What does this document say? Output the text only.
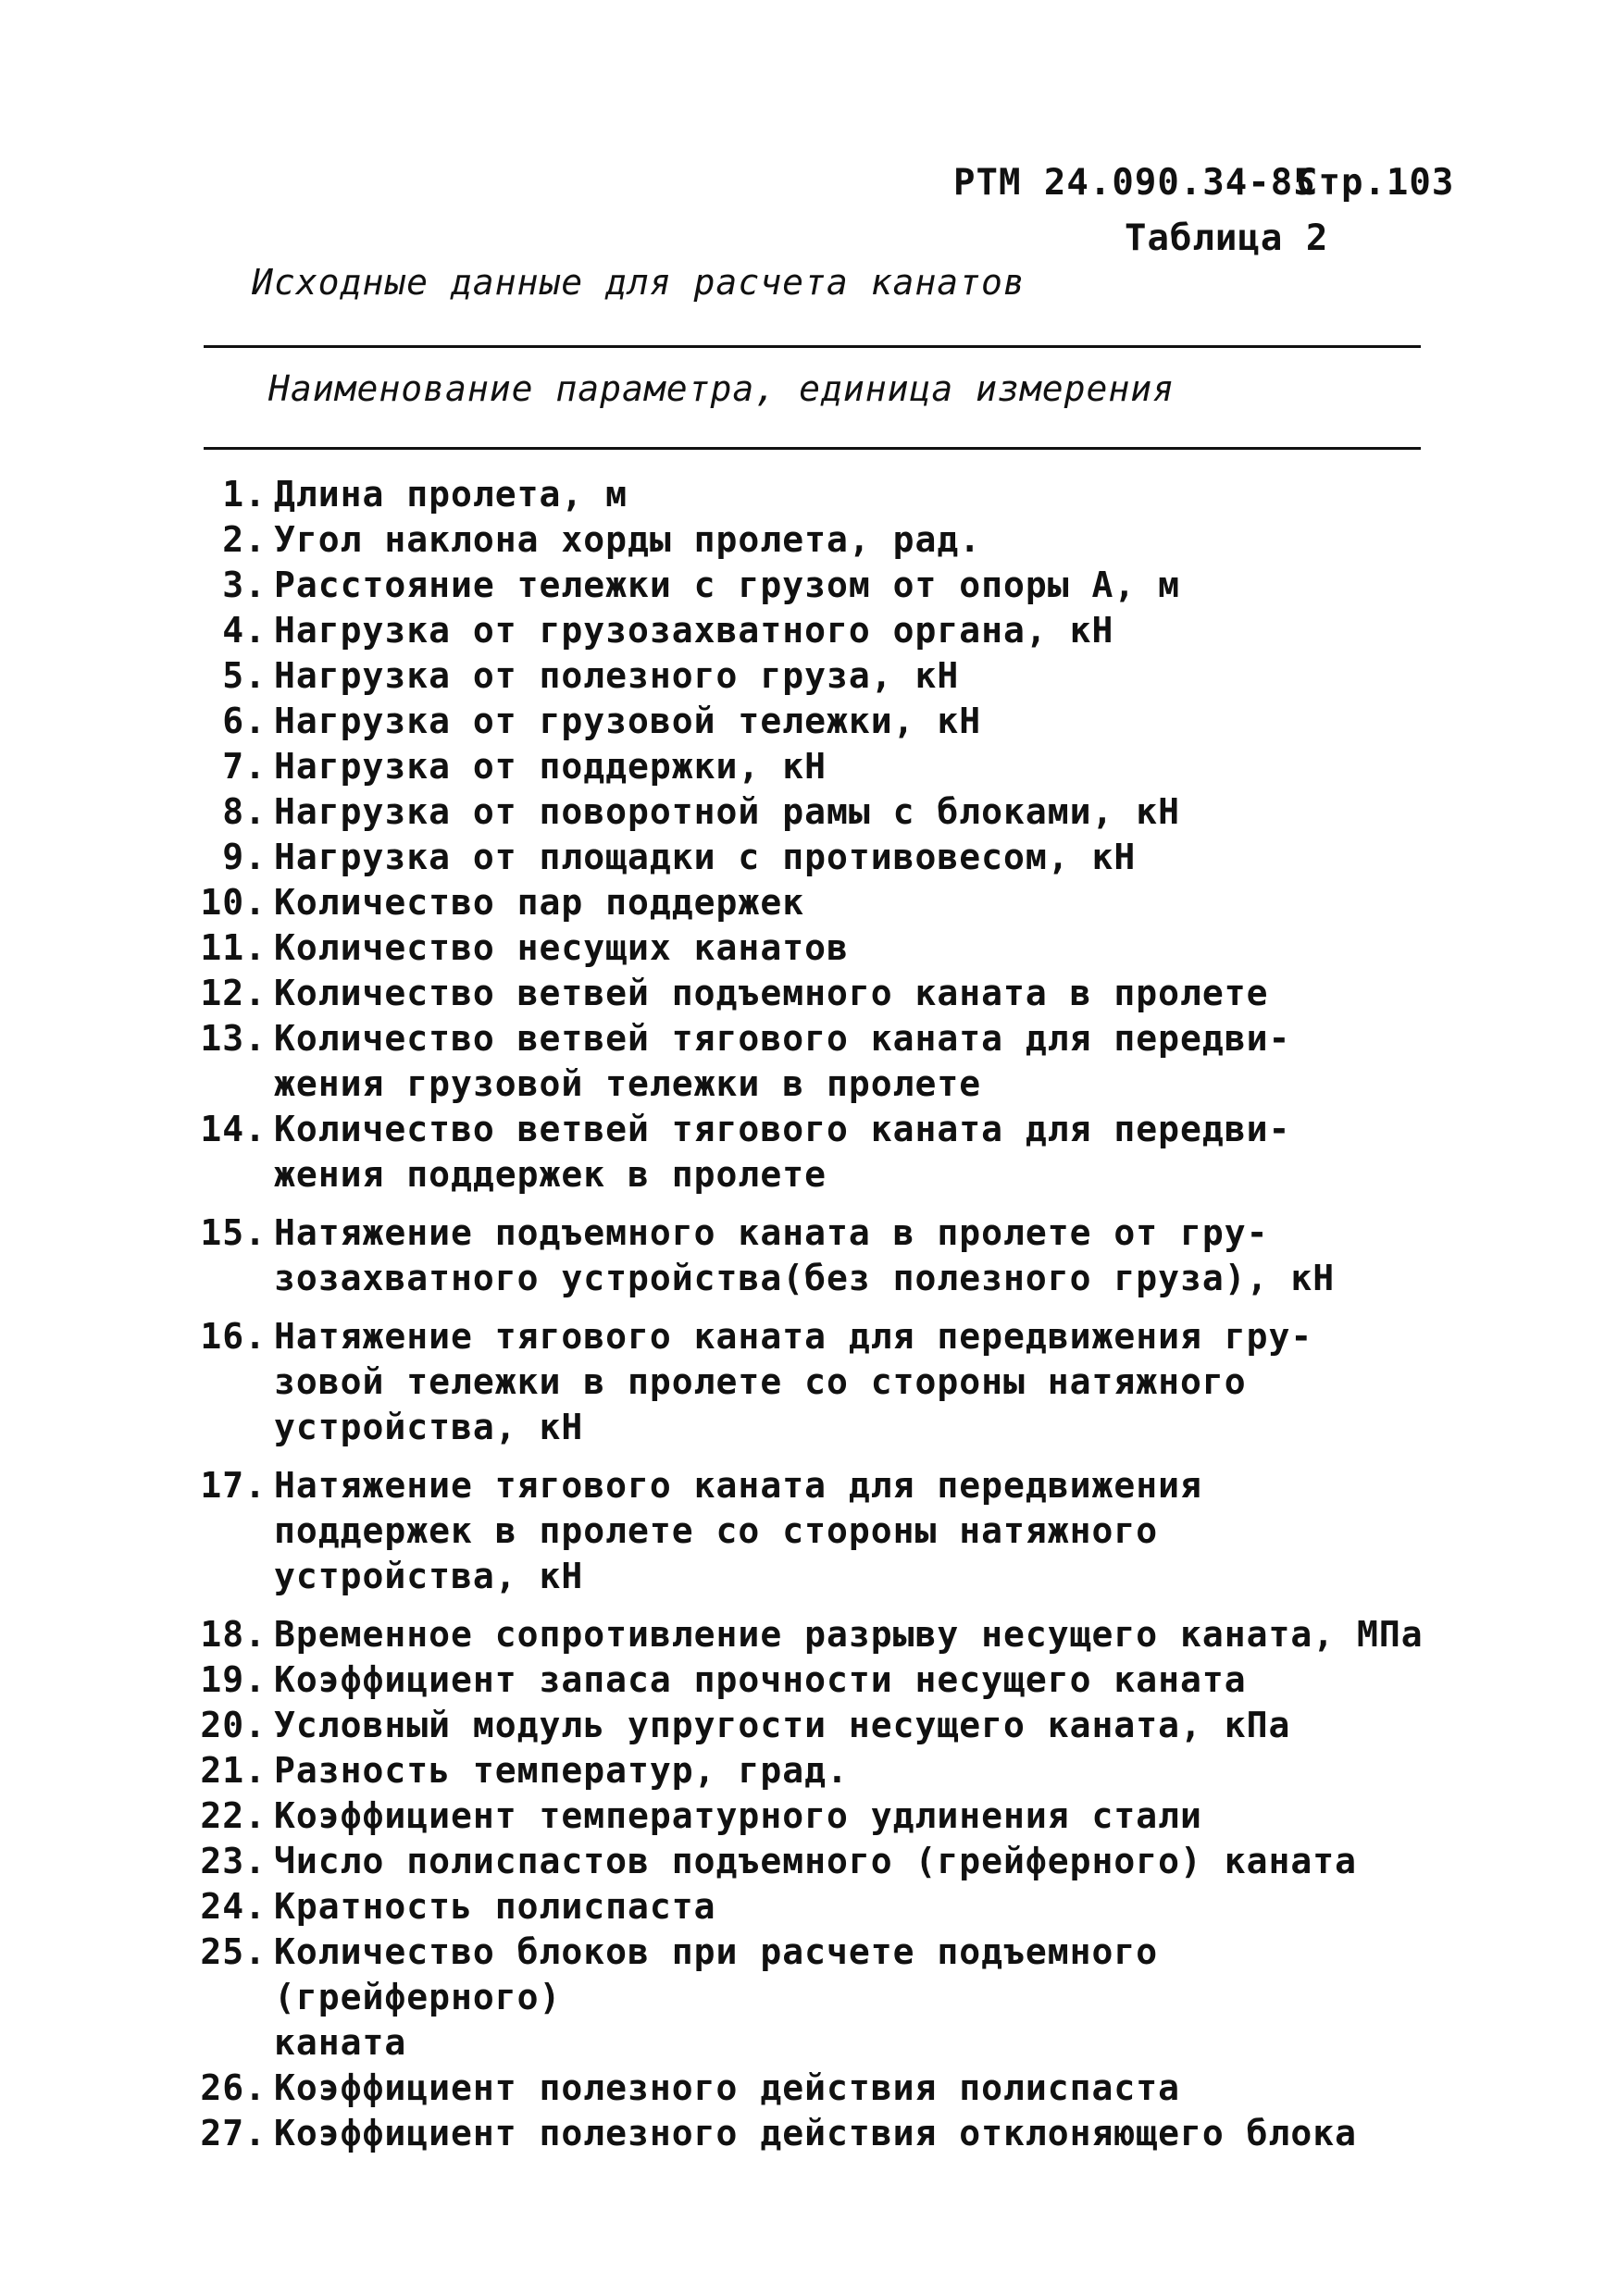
РТМ 24.090.34-85
Стр.103
Таблица 2
Исходные данные для расчета канатов
Наименование параметра, единица измерения
1. Длина пролета, м
2. Угол наклона хорды пролета, рад.
3. Расстояние тележки с грузом от опоры А, м
4. Нагрузка от грузозахватного органа, кН
5. Нагрузка от полезного груза, кН
6. Нагрузка от грузовой тележки, кН
7. Нагрузка от поддержки, кН
8. Нагрузка от поворотной рамы с блоками, кН
9. Нагрузка от площадки с противовесом, кН
10. Количество пар поддержек
11. Количество несущих канатов
12. Количество ветвей подъемного каната в пролете
13. Количество ветвей тягового каната для передви-
жения грузовой тележки в пролете
14. Количество ветвей тягового каната для передви-
жения поддержек в пролете
15. Натяжение подъемного каната в пролете от гру-
зозахватного устройства(без полезного груза), кН
16. Натяжение тягового каната для передвижения гру-
зовой тележки в пролете со стороны натяжного
устройства, кН
17. Натяжение тягового каната для передвижения
поддержек в пролете со стороны натяжного
устройства, кН
18. Временное сопротивление разрыву несущего каната, МПа
19. Коэффициент запаса прочности несущего каната
20. Условный модуль упругости несущего каната, кПа
21. Разность температур, град.
22. Коэффициент температурного удлинения стали
23. Число полиспастов подъемного (грейферного) каната
24. Кратность полиспаста
25. Количество блоков при расчете подъемного (грейферного)
каната
26. Коэффициент полезного действия полиспаста
27. Коэффициент полезного действия отклоняющего блока
